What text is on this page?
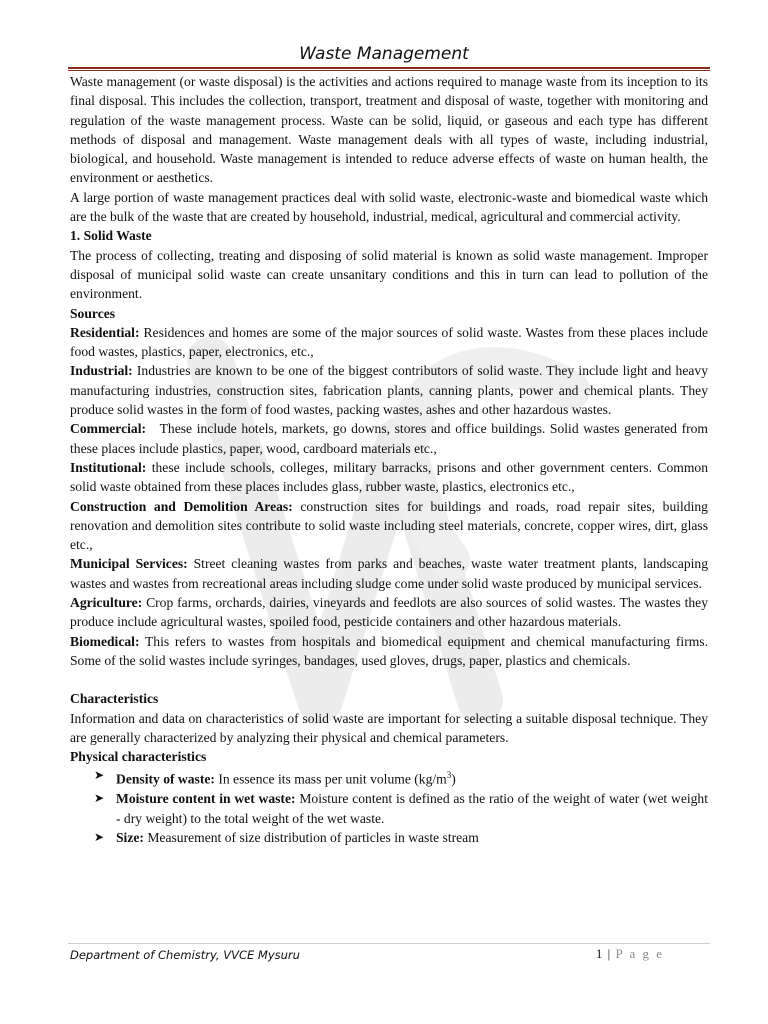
Waste Management

Waste management (or waste disposal) is the activities and actions required to manage waste from its inception to its final disposal. This includes the collection, transport, treatment and disposal of waste, together with monitoring and regulation of the waste management process. Waste can be solid, liquid, or gaseous and each type has different methods of disposal and management. Waste management deals with all types of waste, including industrial, biological, and household. Waste management is intended to reduce adverse effects of waste on human health, the environment or aesthetics.

A large portion of waste management practices deal with solid waste, electronic-waste and biomedical waste which are the bulk of the waste that are created by household, industrial, medical, agricultural and commercial activity.

1. Solid Waste

The process of collecting, treating and disposing of solid material is known as solid waste management. Improper disposal of municipal solid waste can create unsanitary conditions and this in turn can lead to pollution of the environment.

Sources

Residential: Residences and homes are some of the major sources of solid waste. Wastes from these places include food wastes, plastics, paper, electronics, etc.,

Industrial: Industries are known to be one of the biggest contributors of solid waste. They include light and heavy manufacturing industries, construction sites, fabrication plants, canning plants, power and chemical plants. They produce solid wastes in the form of food wastes, packing wastes, ashes and other hazardous wastes.

Commercial:   These include hotels, markets, go downs, stores and office buildings. Solid wastes generated from these places include plastics, paper, wood, cardboard materials etc.,

Institutional: these include schools, colleges, military barracks, prisons and other government centers. Common solid waste obtained from these places includes glass, rubber waste, plastics, electronics etc.,

Construction and Demolition Areas: construction sites for buildings and roads, road repair sites, building renovation and demolition sites contribute to solid waste including steel materials, concrete, copper wires, dirt, glass etc.,

Municipal Services: Street cleaning wastes from parks and beaches, waste water treatment plants, landscaping wastes and wastes from recreational areas including sludge come under solid waste produced by municipal services.

Agriculture: Crop farms, orchards, dairies, vineyards and feedlots are also sources of solid wastes. The wastes they produce include agricultural wastes, spoiled food, pesticide containers and other hazardous materials.

Biomedical: This refers to wastes from hospitals and biomedical equipment and chemical manufacturing firms. Some of the solid wastes include syringes, bandages, used gloves, drugs, paper, plastics and chemicals.

Characteristics

Information and data on characteristics of solid waste are important for selecting a suitable disposal technique. They are generally characterized by analyzing their physical and chemical parameters.

Physical characteristics

➤ Density of waste: In essence its mass per unit volume $(kg/m^3)$
➤ Moisture content in wet waste: Moisture content is defined as the ratio of the weight of water (wet weight - dry weight) to the total weight of the wet waste.
➤ Size: Measurement of size distribution of particles in waste stream
Department of Chemistry, VVCE Mysuru	1 | P a g e
